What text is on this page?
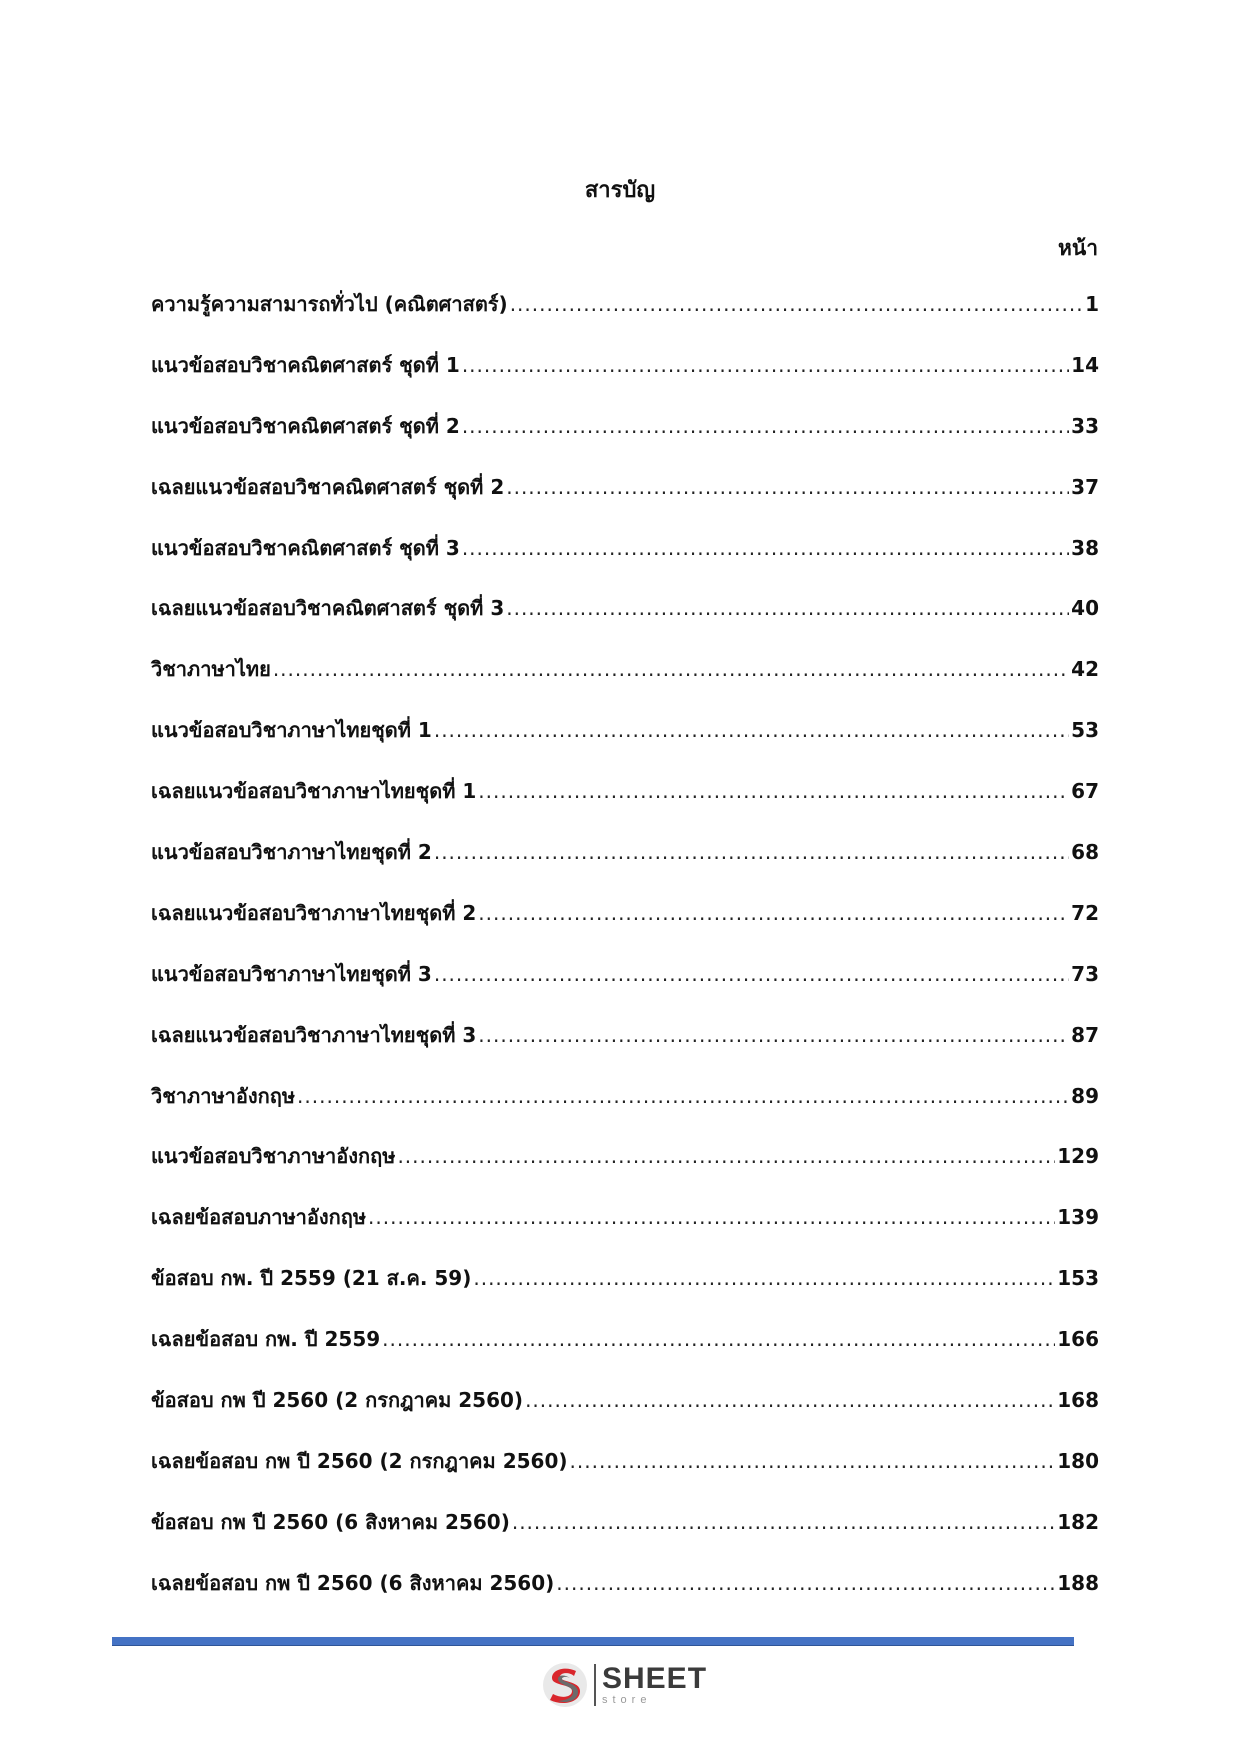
สารบัญ
หน้า
ความรู้ความสามารถทั่วไป (คณิตศาสตร์) .....	1
แนวข้อสอบวิชาคณิตศาสตร์ ชุดที่ 1 .....	14
แนวข้อสอบวิชาคณิตศาสตร์ ชุดที่ 2 .....	33
เฉลยแนวข้อสอบวิชาคณิตศาสตร์ ชุดที่ 2 .....	37
แนวข้อสอบวิชาคณิตศาสตร์ ชุดที่ 3 .....	38
เฉลยแนวข้อสอบวิชาคณิตศาสตร์ ชุดที่ 3 .....	40
วิชาภาษาไทย .....	42
แนวข้อสอบวิชาภาษาไทยชุดที่ 1 .....	53
เฉลยแนวข้อสอบวิชาภาษาไทยชุดที่ 1 .....	67
แนวข้อสอบวิชาภาษาไทยชุดที่ 2 .....	68
เฉลยแนวข้อสอบวิชาภาษาไทยชุดที่ 2 .....	72
แนวข้อสอบวิชาภาษาไทยชุดที่ 3 .....	73
เฉลยแนวข้อสอบวิชาภาษาไทยชุดที่ 3 .....	87
วิชาภาษาอังกฤษ .....	89
แนวข้อสอบวิชาภาษาอังกฤษ .....	129
เฉลยข้อสอบภาษาอังกฤษ .....	139
ข้อสอบ กพ. ปี 2559 (21 ส.ค. 59) .....	153
เฉลยข้อสอบ กพ. ปี 2559 .....	166
ข้อสอบ กพ ปี 2560 (2 กรกฎาคม 2560) .....	168
เฉลยข้อสอบ กพ ปี 2560 (2 กรกฎาคม 2560) .....	180
ข้อสอบ กพ ปี 2560 (6 สิงหาคม 2560) .....	182
เฉลยข้อสอบ กพ ปี 2560 (6 สิงหาคม 2560) .....	188
SHEET
store
